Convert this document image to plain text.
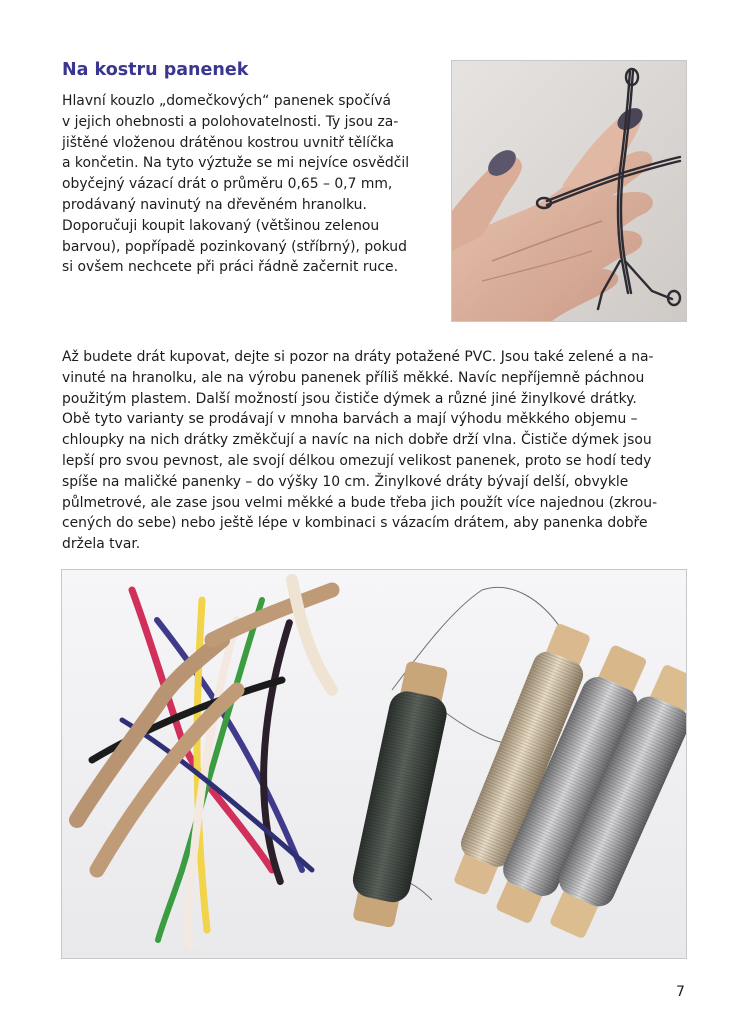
Na kostru panenek

Hlavní kouzlo „domečkových“ panenek spočívá
v jejich ohebnosti a polohovatelnosti. Ty jsou za-
jištěné vloženou drátěnou kostrou uvnitř tělíčka
a končetin. Na tyto výztuže se mi nejvíce osvědčil
obyčejný vázací drát o průměru 0,65 – 0,7 mm,
prodávaný navinutý na dřevěném hranolku.
Doporučuji koupit lakovaný (většinou zelenou
barvou), popřípadě pozinkovaný (stříbrný), pokud
si ovšem nechcete při práci řádně začernit ruce.

Až budete drát kupovat, dejte si pozor na dráty potažené PVC. Jsou také zelené a na-
vinuté na hranolku, ale na výrobu panenek příliš měkké. Navíc nepříjemně páchnou
použitým plastem. Další možností jsou čističe dýmek a různé jiné žinylkové drátky.
Obě tyto varianty se prodávají v mnoha barvách a mají výhodu měkkého objemu –
chloupky na nich drátky změkčují a navíc na nich dobře drží vlna. Čističe dýmek jsou
lepší pro svou pevnost, ale svojí délkou omezují velikost panenek, proto se hodí tedy
spíše na maličké panenky – do výšky 10 cm. Žinylkové dráty bývají delší, obvykle
půlmetrové, ale zase jsou velmi měkké a bude třeba jich použít více najednou (zkrou-
cených do sebe) nebo ještě lépe v kombinaci s vázacím drátem, aby panenka dobře
držela tvar.

7
